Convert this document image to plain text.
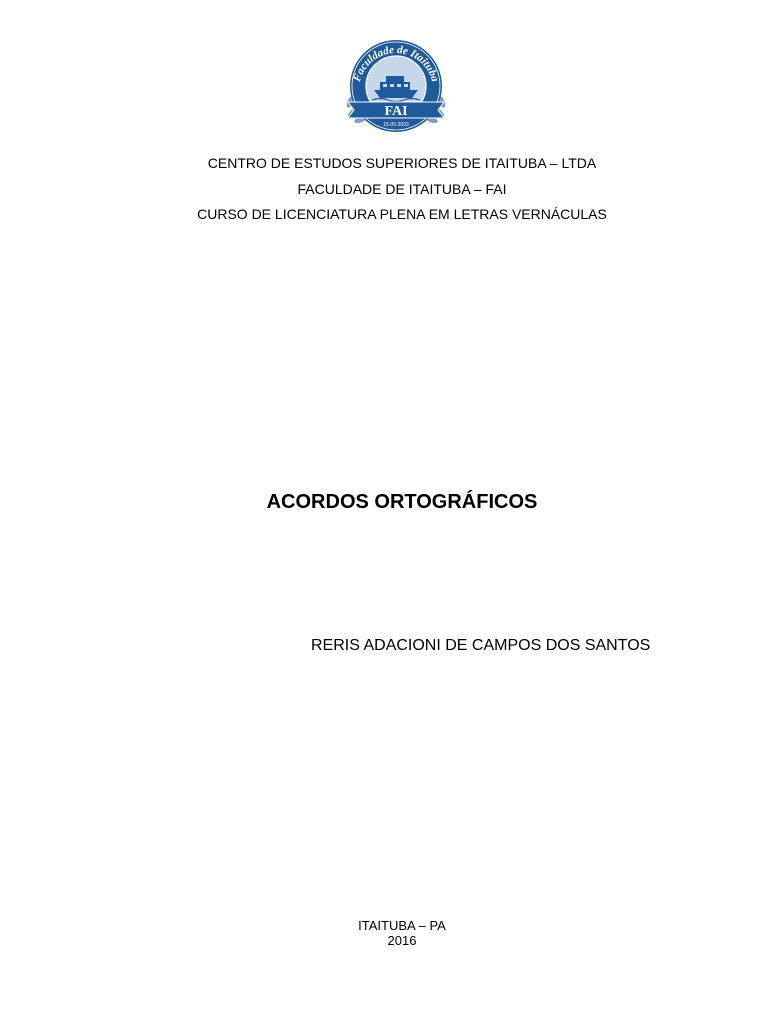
Faculdade de Itaituba
FAI
15-05-2003
CENTRO DE ESTUDOS SUPERIORES DE ITAITUBA – LTDA
FACULDADE DE ITAITUBA – FAI
CURSO DE LICENCIATURA PLENA EM LETRAS VERNÁCULAS
ACORDOS ORTOGRÁFICOS
RERIS ADACIONI DE CAMPOS DOS SANTOS
ITAITUBA – PA
2016
